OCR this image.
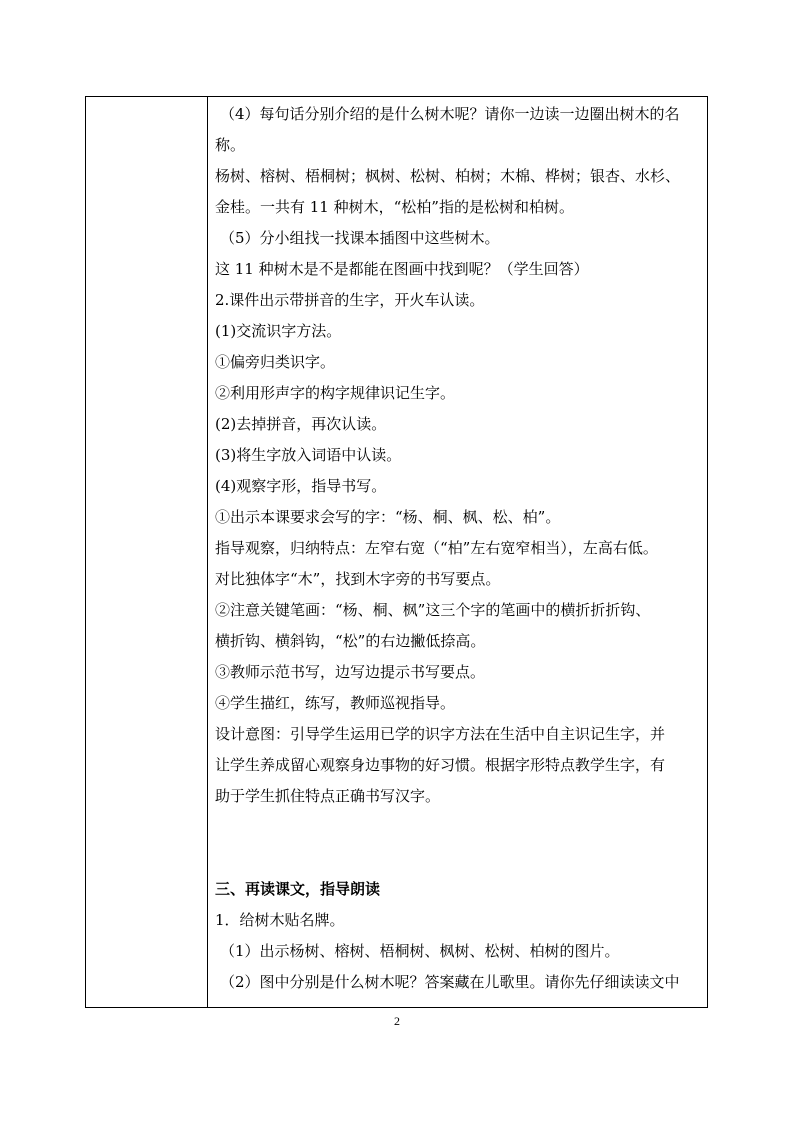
（4）每句话分别介绍的是什么树木呢？请你一边读一边圈出树木的名
称。
杨树、榕树、梧桐树；枫树、松树、柏树；木棉、桦树；银杏、水杉、
金桂。一共有 11 种树木，“松柏”指的是松树和柏树。
（5）分小组找一找课本插图中这些树木。
这 11 种树木是不是都能在图画中找到呢？（学生回答）
2.课件出示带拼音的生字，开火车认读。
(1)交流识字方法。
①偏旁归类识字。
②利用形声字的构字规律识记生字。
(2)去掉拼音，再次认读。
(3)将生字放入词语中认读。
(4)观察字形，指导书写。
①出示本课要求会写的字：“杨、桐、枫、松、柏”。
指导观察，归纳特点：左窄右宽（“柏”左右宽窄相当），左高右低。
对比独体字“木”，找到木字旁的书写要点。
②注意关键笔画：“杨、桐、枫”这三个字的笔画中的横折折折钩、
横折钩、横斜钩，“松”的右边撇低捺高。
③教师示范书写，边写边提示书写要点。
④学生描红，练写，教师巡视指导。
设计意图：引导学生运用已学的识字方法在生活中自主识记生字，并
让学生养成留心观察身边事物的好习惯。根据字形特点教学生字，有
助于学生抓住特点正确书写汉字。
三、再读课文，指导朗读
1．给树木贴名牌。
（1）出示杨树、榕树、梧桐树、枫树、松树、柏树的图片。
（2）图中分别是什么树木呢？答案藏在儿歌里。请你先仔细读读文中
2
